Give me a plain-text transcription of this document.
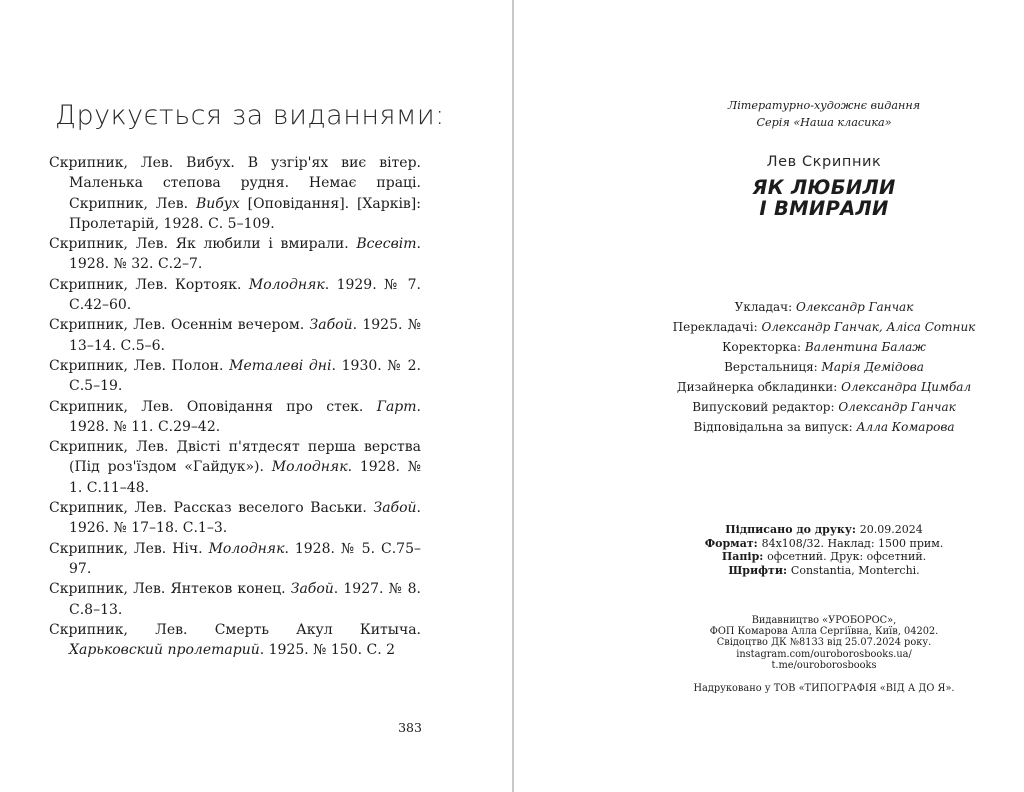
Друкується за виданнями:

Скрипник, Лев. Вибух. В узгір'ях виє вітер. Маленька степова рудня. Немає праці. Скрипник, Лев. Вибух [Оповідання]. [Харків]: Пролетарій, 1928. С. 5–109.

Скрипник, Лев. Як любили і вмирали. Всесвіт. 1928. № 32. С.2–7.

Скрипник, Лев. Кортояк. Молодняк. 1929. № 7. С.42–60.

Скрипник, Лев. Осеннім вечером. Забой. 1925. № 13–14. С.5–6.

Скрипник, Лев. Полон. Металеві дні. 1930. № 2. С.5–19.

Скрипник, Лев. Оповідання про стек. Гарт. 1928. № 11. С.29–42.

Скрипник, Лев. Двісті п'ятдесят перша верства (Під роз'їздом «Гайдук»). Молодняк. 1928. № 1. С.11–48.

Скрипник, Лев. Рассказ веселого Васьки. Забой. 1926. № 17–18. С.1–3.

Скрипник, Лев. Ніч. Молодняк. 1928. № 5. С.75–97.

Скрипник, Лев. Янтеков конец. Забой. 1927. № 8. С.8–13.

Скрипник, Лев. Смерть Акул Китыча. Харьковский пролетарий. 1925. № 150. С. 2

383
Літературно-художнє видання
Серія «Наша класика»
Лев Скрипник
ЯК ЛЮБИЛИ
І ВМИРАЛИ
Укладач: Олександр Ганчак
Перекладачі: Олександр Ганчак, Аліса Сотник
Коректорка: Валентина Балаж
Верстальниця: Марія Демідова
Дизайнерка обкладинки: Олександра Цимбал
Випусковий редактор: Олександр Ганчак
Відповідальна за випуск: Алла Комарова
Підписано до друку: 20.09.2024
Формат: 84х108/32. Наклад: 1500 прим.
Папір: офсетний. Друк: офсетний.
Шрифти: Constantia, Monterchi.
Видавництво «УРОБОРОС»,
ФОП Комарова Алла Сергіївна, Київ, 04202.
Свідоцтво ДК №8133 від 25.07.2024 року.
instagram.com/ouroborosbooks.ua/
t.me/ouroborosbooks
Надруковано у ТОВ «ТИПОГРАФІЯ «ВІД А ДО Я».
